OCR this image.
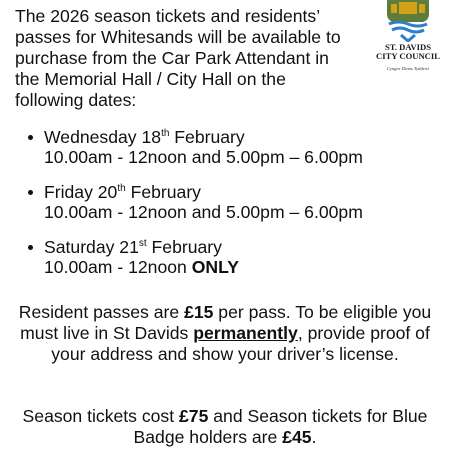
The 2026 season tickets and residents’
passes for Whitesands will be available to
purchase from the Car Park Attendant in
the Memorial Hall / City Hall on the
following dates:

ST. DAVIDS
CITY COUNCIL
Cyngor Dinas Tyddewi
Wednesday 18th February
10.00am - 12noon and 5.00pm – 6.00pm
Friday 20th February
10.00am - 12noon and 5.00pm – 6.00pm
Saturday 21st February
10.00am - 12noon ONLY

Resident passes are £15 per pass. To be eligible you must live in St Davids permanently, provide proof of your address and show your driver’s license.

Season tickets cost £75 and Season tickets for Blue Badge holders are £45.
